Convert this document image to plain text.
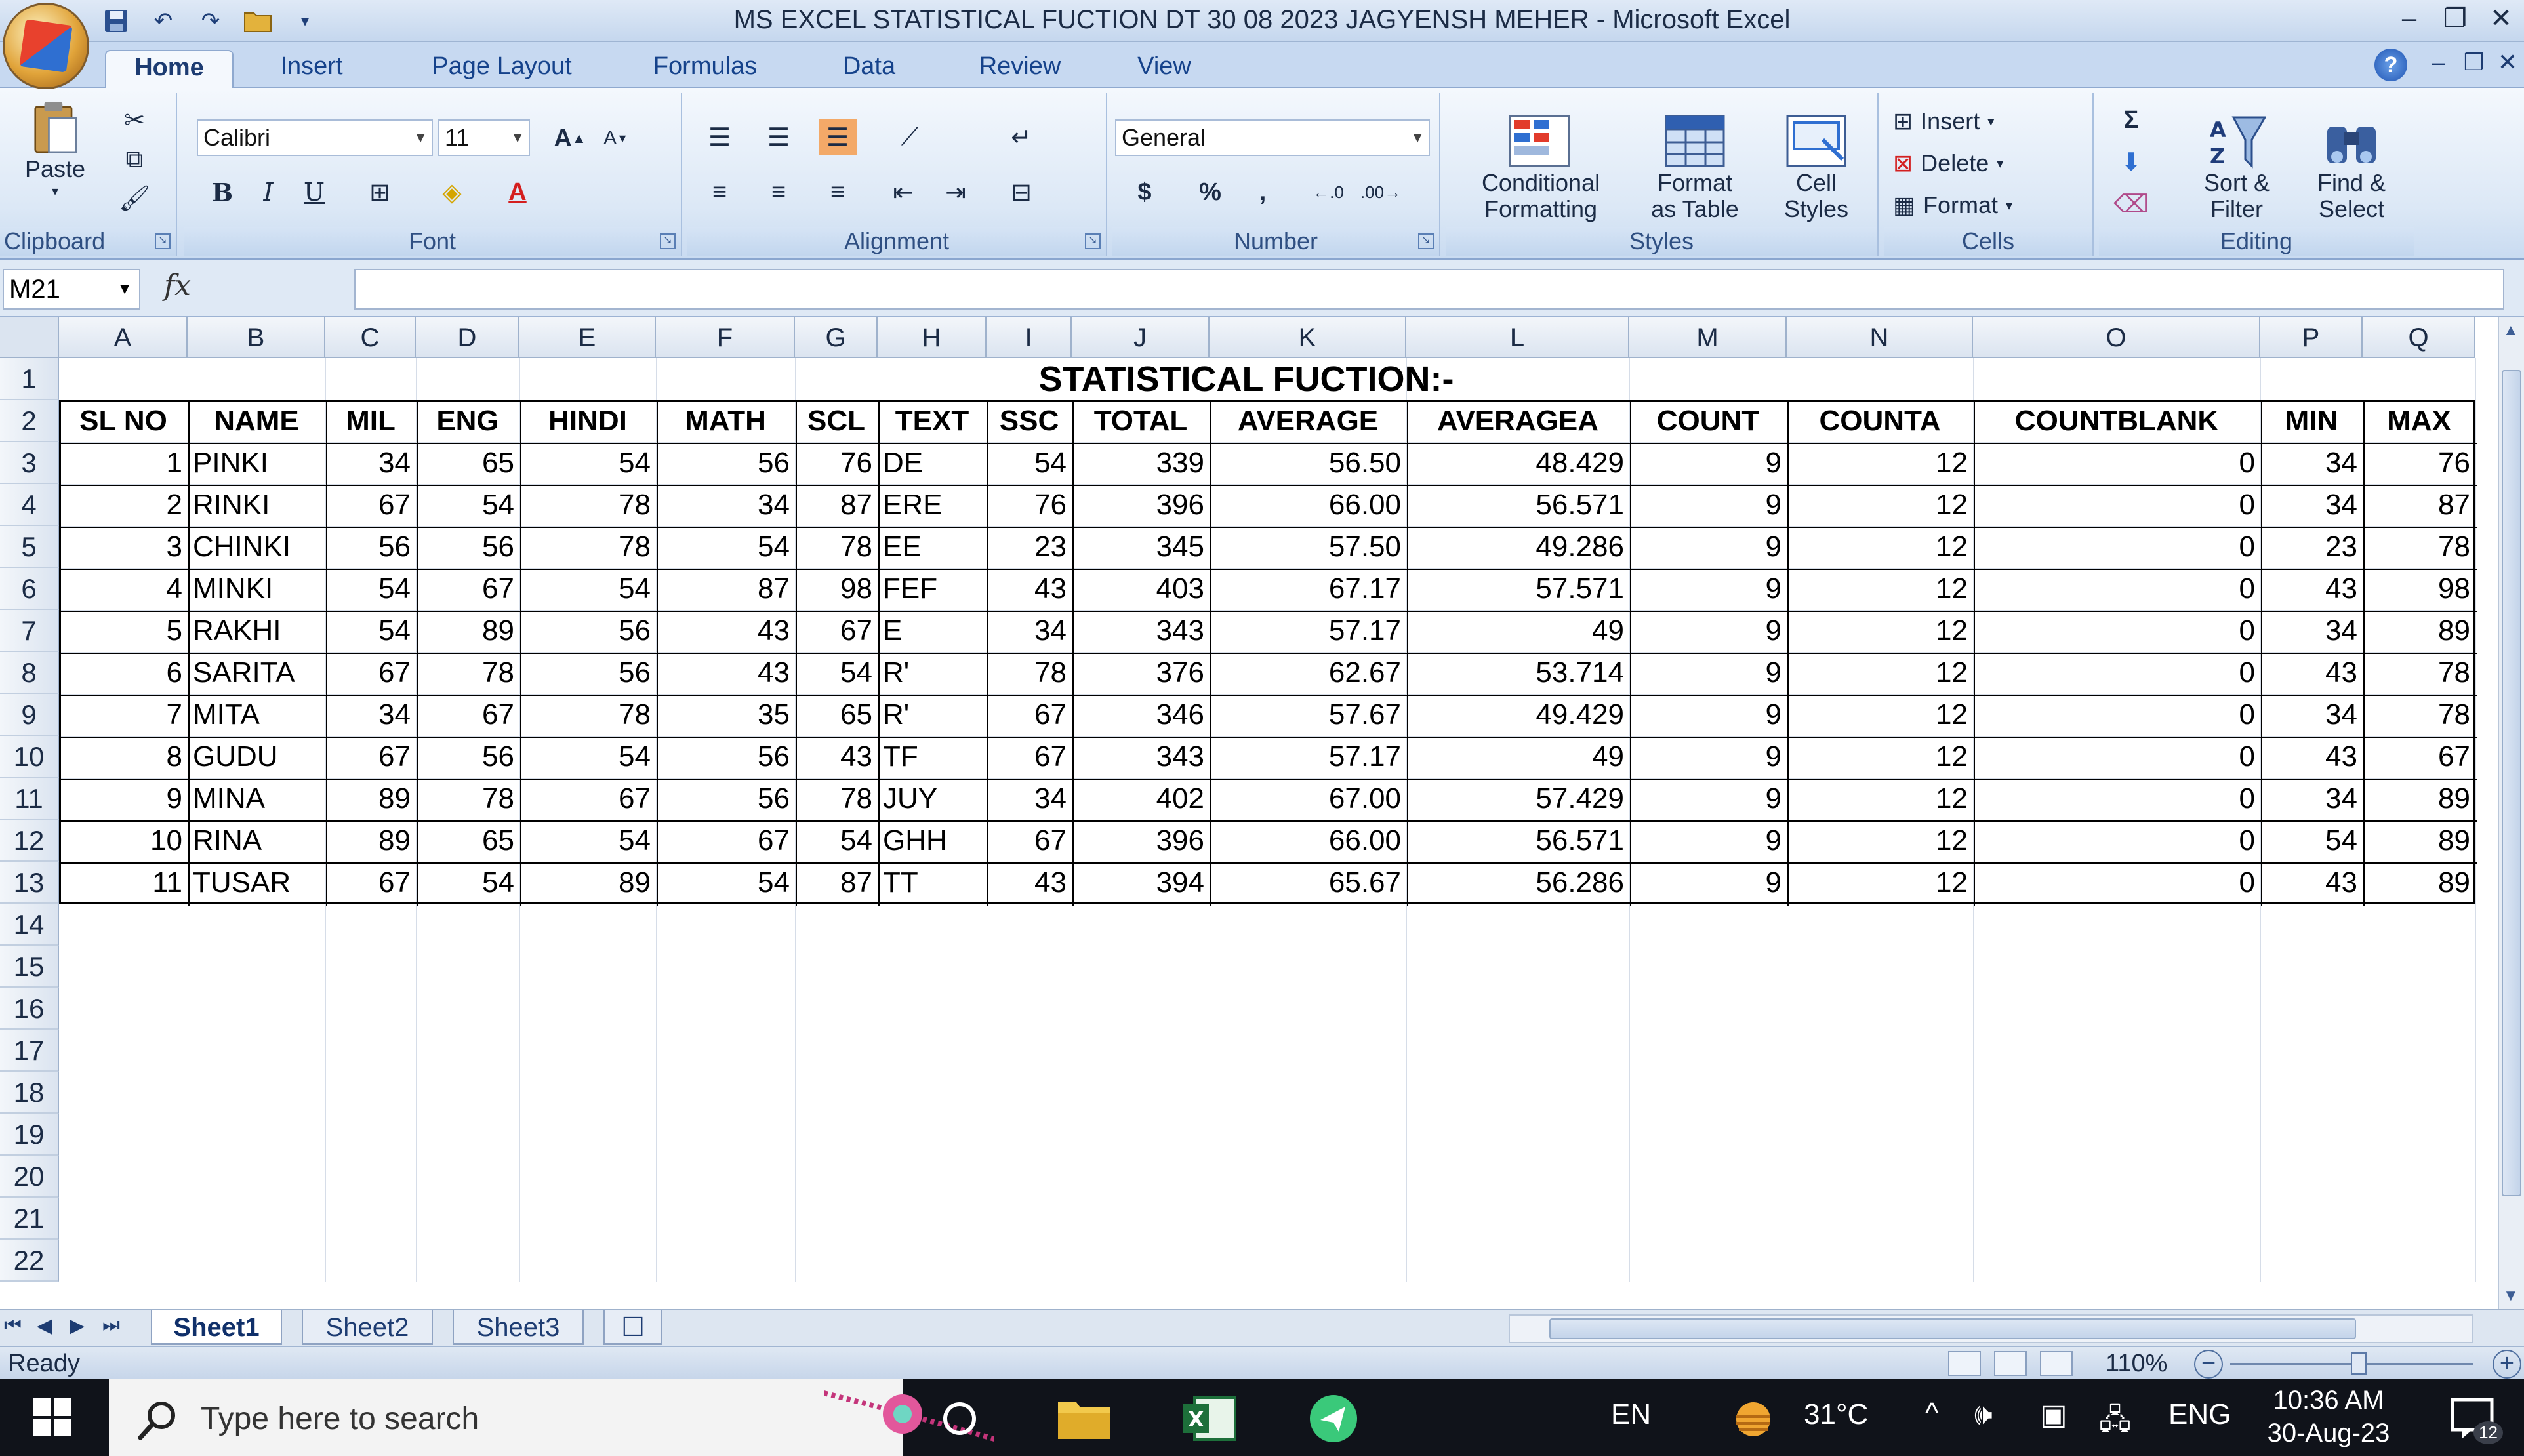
↶	↷	▾	MS EXCEL STATISTICAL FUCTION DT 30 08 2023 JAGYENSH MEHER - Microsoft Excel	–	❐ ✕
Home	Insert	Page Layout	Formulas	Data	Review	View	?	– ❐ ✕
Paste
▾
✂
⧉
🖌
Clipboard	↘
Calibri	▼ 11	▼ A ▲ A ▼
B	I	U	⊞	◈	A
Font	↘
☰	☰	☰	⟋	↵
≡	≡	≡	⇤	⇥	⊟
Alignment	↘
General	▼
$	%	,	←.0 .00→
Number	↘
Conditional
Formatting
Format
as Table
Cell
Styles
Styles
⊞ Insert ▾
⊠ Delete ▾
▦ Format ▾
Cells
Σ
⬇
⌫
A
Z
Sort &
Filter
Find &
Select
Editing
M21	▼ fx
A	B	C	D	E	F	G	H	I	J	K	L	M	N	O	P	Q
1
2
3
4
5
6
7
8
9
10
11
12
13
14
15
16
17
18
19
20
21
22
SL NO	NAME	MIL	ENG	HINDI	MATH	SCL	TEXT	SSC	TOTAL	AVERAGE	AVERAGEA	COUNT	COUNTA	COUNTBLANK	MIN	MAX
1 PINKI	34	65	54	56	76 DE	54	339	56.50	48.429	9	12	0	34	76
2 RINKI	67	54	78	34	87 ERE	76	396	66.00	56.571	9	12	0	34	87
3 CHINKI	56	56	78	54	78 EE	23	345	57.50	49.286	9	12	0	23	78
4 MINKI	54	67	54	87	98 FEF	43	403	67.17	57.571	9	12	0	43	98
5 RAKHI	54	89	56	43	67 E	34	343	57.17	49	9	12	0	34	89
6 SARITA	67	78	56	43	54 R'	78	376	62.67	53.714	9	12	0	43	78
7 MITA	34	67	78	35	65 R'	67	346	57.67	49.429	9	12	0	34	78
8 GUDU	67	56	54	56	43 TF	67	343	57.17	49	9	12	0	43	67
9 MINA	89	78	67	56	78 JUY	34	402	67.00	57.429	9	12	0	34	89
10 RINA	89	65	54	67	54 GHH	67	396	66.00	56.571	9	12	0	54	89
11 TUSAR	67	54	89	54	87 TT	43	394	65.67	56.286	9	12	0	43	89
STATISTICAL FUCTION:-
▲
▼
⏮ ◀ ▶ ⏭	Sheet1	Sheet2	Sheet3	☐
Ready	110% −	+
Type here to search	X	EN	31°C ^ 🕪 ▣ 🖧 ENG	10:36 AM
30-Aug-23	12
